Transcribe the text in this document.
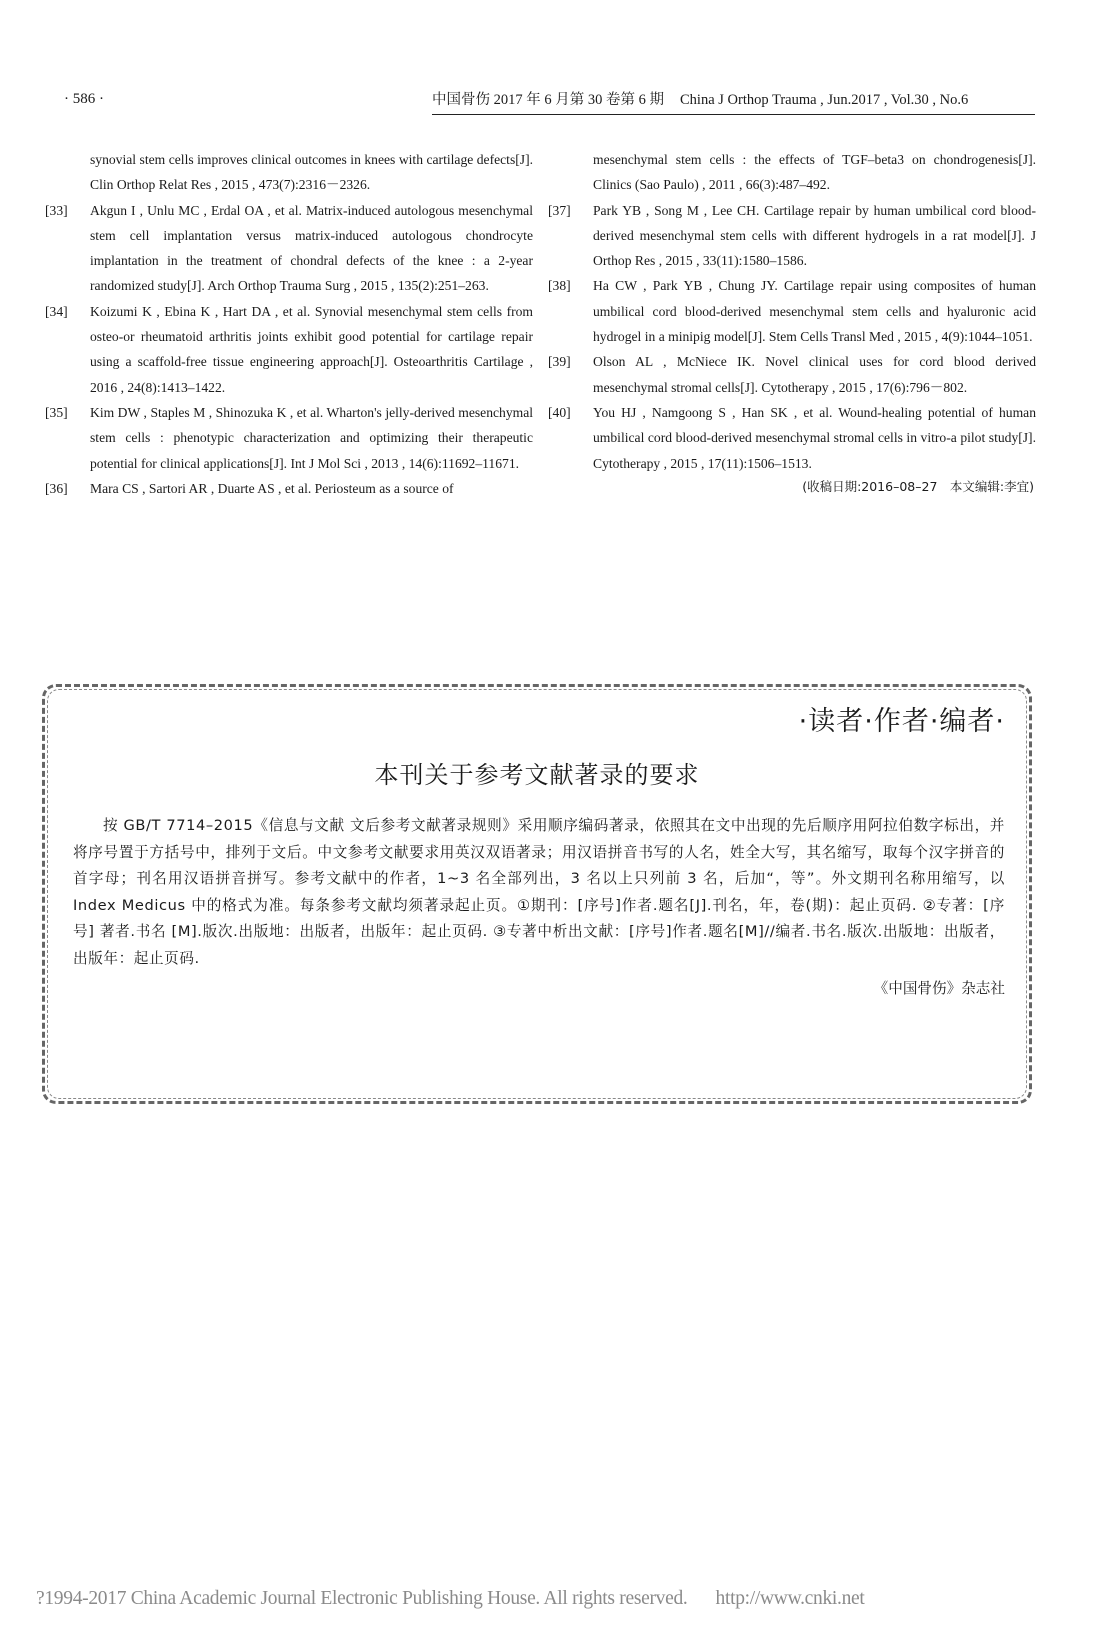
· 586 ·	中国骨伤 2017 年 6 月第 30 卷第 6 期 China J Orthop Trauma , Jun.2017 , Vol.30 , No.6
synovial stem cells improves clinical outcomes in knees with cartilage defects[J]. Clin Orthop Relat Res , 2015 , 473(7):2316－2326.
[33] Akgun I , Unlu MC , Erdal OA , et al. Matrix-induced autologous mesenchymal stem cell implantation versus matrix-induced autologous chondrocyte implantation in the treatment of chondral defects of the knee : a 2-year randomized study[J]. Arch Orthop Trauma Surg , 2015 , 135(2):251–263.
[34] Koizumi K , Ebina K , Hart DA , et al. Synovial mesenchymal stem cells from osteo-or rheumatoid arthritis joints exhibit good potential for cartilage repair using a scaffold-free tissue engineering approach[J]. Osteoarthritis Cartilage , 2016 , 24(8):1413–1422.
[35] Kim DW , Staples M , Shinozuka K , et al. Wharton's jelly-derived mesenchymal stem cells : phenotypic characterization and optimizing their therapeutic potential for clinical applications[J]. Int J Mol Sci , 2013 , 14(6):11692–11671.
[36] Mara CS , Sartori AR , Duarte AS , et al. Periosteum as a source of
mesenchymal stem cells : the effects of TGF–beta3 on chondrogenesis[J]. Clinics (Sao Paulo) , 2011 , 66(3):487–492.
[37] Park YB , Song M , Lee CH. Cartilage repair by human umbilical cord blood-derived mesenchymal stem cells with different hydrogels in a rat model[J]. J Orthop Res , 2015 , 33(11):1580–1586.
[38] Ha CW , Park YB , Chung JY. Cartilage repair using composites of human umbilical cord blood-derived mesenchymal stem cells and hyaluronic acid hydrogel in a minipig model[J]. Stem Cells Transl Med , 2015 , 4(9):1044–1051.
[39] Olson AL , McNiece IK. Novel clinical uses for cord blood derived mesenchymal stromal cells[J]. Cytotherapy , 2015 , 17(6):796－802.
[40] You HJ , Namgoong S , Han SK , et al. Wound-healing potential of human umbilical cord blood-derived mesenchymal stromal cells in vitro-a pilot study[J]. Cytotherapy , 2015 , 17(11):1506–1513.
(收稿日期:2016–08–27　本文编辑:李宜)
·读者·作者·编者·
本刊关于参考文献著录的要求
按 GB/T 7714–2015《信息与文献 文后参考文献著录规则》采用顺序编码著录，依照其在文中出现的先后顺序用阿拉伯数字标出，并将序号置于方括号中，排列于文后。中文参考文献要求用英汉双语著录；用汉语拼音书写的人名，姓全大写，其名缩写，取每个汉字拼音的首字母；刊名用汉语拼音拼写。参考文献中的作者，1~3 名全部列出，3 名以上只列前 3 名，后加“，等”。外文期刊名称用缩写，以 Index Medicus 中的格式为准。每条参考文献均须著录起止页。①期刊：[序号]作者.题名[J].刊名，年，卷(期)：起止页码. ②专著：[序号] 著者.书名 [M].版次.出版地：出版者，出版年：起止页码. ③专著中析出文献：[序号]作者.题名[M]//编者.书名.版次.出版地：出版者，出版年：起止页码.
《中国骨伤》杂志社
?1994-2017 China Academic Journal Electronic Publishing House. All rights reserved. http://www.cnki.net
